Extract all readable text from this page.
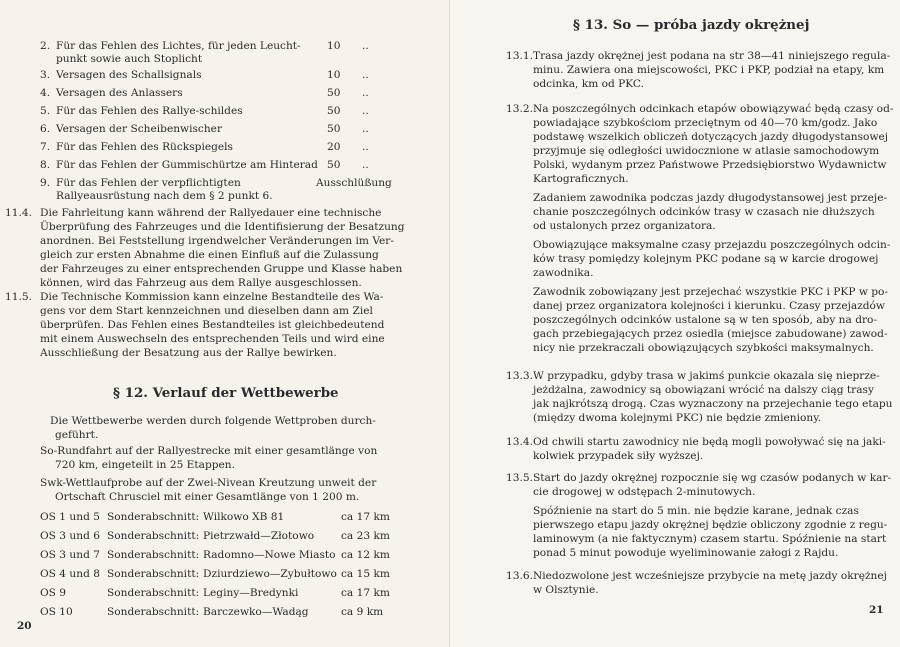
2. Für das Fehlen des Lichtes, für jeden Leucht-
punkt sowie auch Stoplicht
10 ..
3. Versagen des Schallsignals	10 ..
4. Versagen des Anlassers	50 ..
5. Für das Fehlen des Rallye-schildes	50 ..
6. Versagen der Scheibenwischer	50 ..
7. Für das Fehlen des Rückspiegels	20 ..
8. Für das Fehlen der Gummischürtze am Hinterad 50 ..
9. Für das Fehlen der verpflichtigten
Rallyeausrüstung nach dem § 2 punkt 6.
Ausschlüßung
11.4. Die Fahrleitung kann während der Rallyedauer eine technische
Überprüfung des Fahrzeuges und die Identifisierung der Besatzung
anordnen. Bei Feststellung irgendwelcher Veränderungen im Ver-
gleich zur ersten Abnahme die einen Einfluß auf die Zulassung
der Fahrzeuges zu einer entsprechenden Gruppe und Klasse haben
können, wird das Fahrzeug aus dem Rallye ausgeschlossen.
11.5. Die Technische Kommission kann einzelne Bestandteile des Wa-
gens vor dem Start kennzeichnen und dieselben dann am Ziel
überprüfen. Das Fehlen eines Bestandteiles ist gleichbedeutend
mit einem Auswechseln des entsprechenden Teils und wird eine
Ausschließung der Besatzung aus der Rallye bewirken.
§ 12. Verlauf der Wettbewerbe
Die Wettbewerbe werden durch folgende Wettproben durch-
geführt.
So-Rundfahrt auf der Rallyestrecke mit einer gesamtlänge von
720 km, eingeteilt in 25 Etappen.
Swk-Wettlaufprobe auf der Zwei-Nivean Kreutzung unweit der
Ortschaft Chrusciel mit einer Gesamtlänge von 1 200 m.
OS 1 und 5 Sonderabschnitt: Wilkowo XB 81	ca 17 km
OS 3 und 6 Sonderabschnitt: Pietrzwałd—Złotowo	ca 23 km
OS 3 und 7 Sonderabschnitt: Radomno—Nowe Miasto ca 12 km
OS 4 und 8 Sonderabschnitt: Dziurdziewo—Zybułtowo ca 15 km
OS 9	Sonderabschnitt: Leginy—Bredynki	ca 17 km
OS 10	Sonderabschnitt: Barczewko—Wadąg	ca 9 km
20
§ 13. So — próba jazdy okrężnej
13.1. Trasa jazdy okrężnej jest podana na str 38—41 niniejszego regula-
minu. Zawiera ona miejscowości, PKC i PKP, podział na etapy, km
odcinka, km od PKC.
13.2. Na poszczególnych odcinkach etapów obowiązywać będą czasy od-
powiadające szybkościom przeciętnym od 40—70 km/godz. Jako
podstawę wszelkich obliczeń dotyczących jazdy długodystansowej
przyjmuje się odległości uwidocznione w atlasie samochodowym
Polski, wydanym przez Państwowe Przedsiębiorstwo Wydawnictw
Kartograficznych.
Zadaniem zawodnika podczas jazdy długodystansowej jest przeje-
chanie poszczególnych odcinków trasy w czasach nie dłuższych
od ustalonych przez organizatora.
Obowiązujące maksymalne czasy przejazdu poszczególnych odcin-
ków trasy pomiędzy kolejnym PKC podane są w karcie drogowej
zawodnika.
Zawodnik zobowiązany jest przejechać wszystkie PKC i PKP w po-
danej przez organizatora kolejności i kierunku. Czasy przejazdów
poszczególnych odcinków ustalone są w ten sposób, aby na dro-
gach przebiegających przez osiedla (miejsce zabudowane) zawod-
nicy nie przekraczali obowiązujących szybkości maksymalnych.
13.3. W przypadku, gdyby trasa w jakimś punkcie okazala się nieprze-
jeżdżalna, zawodnicy są obowiązani wrócić na dalszy ciąg trasy
jak najkrótszą drogą. Czas wyznaczony na przejechanie tego etapu
(między dwoma kolejnymi PKC) nie będzie zmieniony.
13.4. Od chwili startu zawodnicy nie będą mogli powoływać się na jaki-
kolwiek przypadek siły wyższej.
13.5. Start do jazdy okrężnej rozpocznie się wg czasów podanych w kar-
cie drogowej w odstępach 2-minutowych.
Spóźnienie na start do 5 min. nie będzie karane, jednak czas
pierwszego etapu jazdy okrężnej będzie obliczony zgodnie z regu-
laminowym (a nie faktycznym) czasem startu. Spóźnienie na start
ponad 5 minut powoduje wyeliminowanie załogi z Rajdu.
13.6. Niedozwolone jest wcześniejsze przybycie na metę jazdy okrężnej
w Olsztynie.
21
